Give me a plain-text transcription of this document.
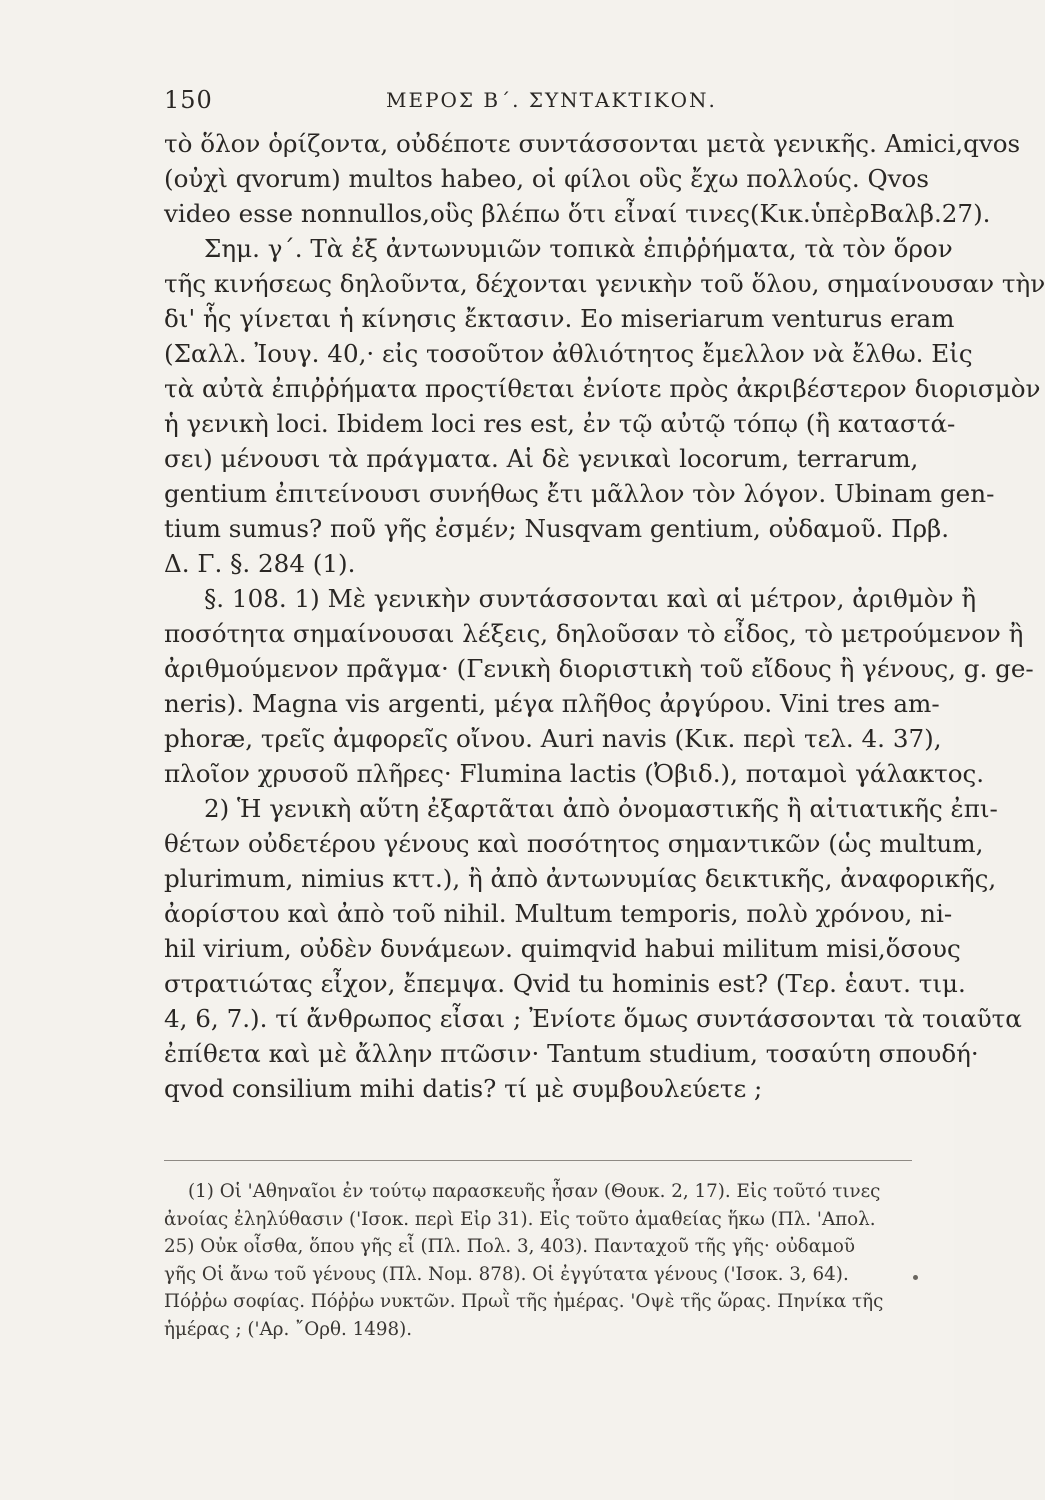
150	ΜΕΡΟΣ Β΄. ΣΥΝΤΑΚΤΙΚΟΝ.
τὸ ὅλον ὁρίζοντα, οὐδέποτε συντάσσονται μετὰ γενικῆς. Amici,qvos
(οὐχὶ qvorum) multos habeo, οἱ φίλοι οὓς ἔχω πολλούς. Qvos
video esse nonnullos,οὓς βλέπω ὅτι εἶναί τινες(Κικ.ὑπὲρΒαλβ.27).
Σημ. γ΄. Τὰ ἐξ ἀντωνυμιῶν τοπικὰ ἐπιῤῥήματα, τὰ τὸν ὅρον
τῆς κινήσεως δηλοῦντα, δέχονται γενικὴν τοῦ ὅλου, σημαίνουσαν τὴν
δι' ἧς γίνεται ἡ κίνησις ἔκτασιν. Eo miseriarum venturus eram
(Σαλλ. Ἰουγ. 40,· εἰς τοσοῦτον ἀθλιότητος ἔμελλον νὰ ἔλθω. Εἰς
τὰ αὐτὰ ἐπιῤῥήματα προςτίθεται ἐνίοτε πρὸς ἀκριβέστερον διορισμὸν
ἡ γενικὴ loci. Ibidem loci res est, ἐν τῷ αὐτῷ τόπῳ (ἢ καταστά-
σει) μένουσι τὰ πράγματα. Αἱ δὲ γενικαὶ locorum, terrarum,
gentium ἐπιτείνουσι συνήθως ἔτι μᾶλλον τὸν λόγον. Ubinam gen-
tium sumus? ποῦ γῆς ἐσμέν; Nusqvam gentium, οὐδαμοῦ. Πρβ.
Δ. Γ. §. 284 (1).
§. 108. 1) Μὲ γενικὴν συντάσσονται καὶ αἱ μέτρον, ἀριθμὸν ἢ
ποσότητα σημαίνουσαι λέξεις, δηλοῦσαν τὸ εἶδος, τὸ μετρούμενον ἢ
ἀριθμούμενον πρᾶγμα· (Γενικὴ διοριστικὴ τοῦ εἴδους ἢ γένους, g. ge-
neris). Magna vis argenti, μέγα πλῆθος ἀργύρου. Vini tres am-
phoræ, τρεῖς ἀμφορεῖς οἴνου. Auri navis (Κικ. περὶ τελ. 4. 37),
πλοῖον χρυσοῦ πλῆρες· Flumina lactis (Ὀβιδ.), ποταμοὶ γάλακτος.
2) Ἡ γενικὴ αὕτη ἐξαρτᾶται ἀπὸ ὀνομαστικῆς ἢ αἰτιατικῆς ἐπι-
θέτων οὐδετέρου γένους καὶ ποσότητος σημαντικῶν (ὡς multum,
plurimum, nimius κττ.), ἢ ἀπὸ ἀντωνυμίας δεικτικῆς, ἀναφορικῆς,
ἀορίστου καὶ ἀπὸ τοῦ nihil. Multum temporis, πολὺ χρόνου, ni-
hil virium, οὐδὲν δυνάμεων. quimqvid habui militum misi,ὅσους
στρατιώτας εἶχον, ἔπεμψα. Qvid tu hominis est? (Τερ. ἑαυτ. τιμ.
4, 6, 7.). τί ἄνθρωπος εἶσαι ; Ἐνίοτε ὅμως συντάσσονται τὰ τοιαῦτα
ἐπίθετα καὶ μὲ ἄλλην πτῶσιν· Tantum studium, τοσαύτη σπουδή·
qvod consilium mihi datis? τί μὲ συμβουλεύετε ;
(1) Οἱ 'Αθηναῖοι ἐν τούτῳ παρασκευῆς ἦσαν (Θουκ. 2, 17). Εἰς τοῦτό τινες
ἀνοίας ἐληλύθασιν ('Ισοκ. περὶ Εἰρ 31). Εἰς τοῦτο ἀμαθείας ἥκω (Πλ. 'Απολ.
25) Οὐκ οἶσθα, ὅπου γῆς εἶ (Πλ. Πολ. 3, 403). Πανταχοῦ τῆς γῆς· οὐδαμοῦ
γῆς Οἱ ἄνω τοῦ γένους (Πλ. Νομ. 878). Οἱ ἐγγύτατα γένους ('Ισοκ. 3, 64).
Πόῤῥω σοφίας. Πόῤῥω νυκτῶν. Πρωῒ τῆς ἡμέρας. 'Οψὲ τῆς ὥρας. Πηνίκα τῆς
ἡμέρας ; ('Αρ. ῎Ορθ. 1498).
